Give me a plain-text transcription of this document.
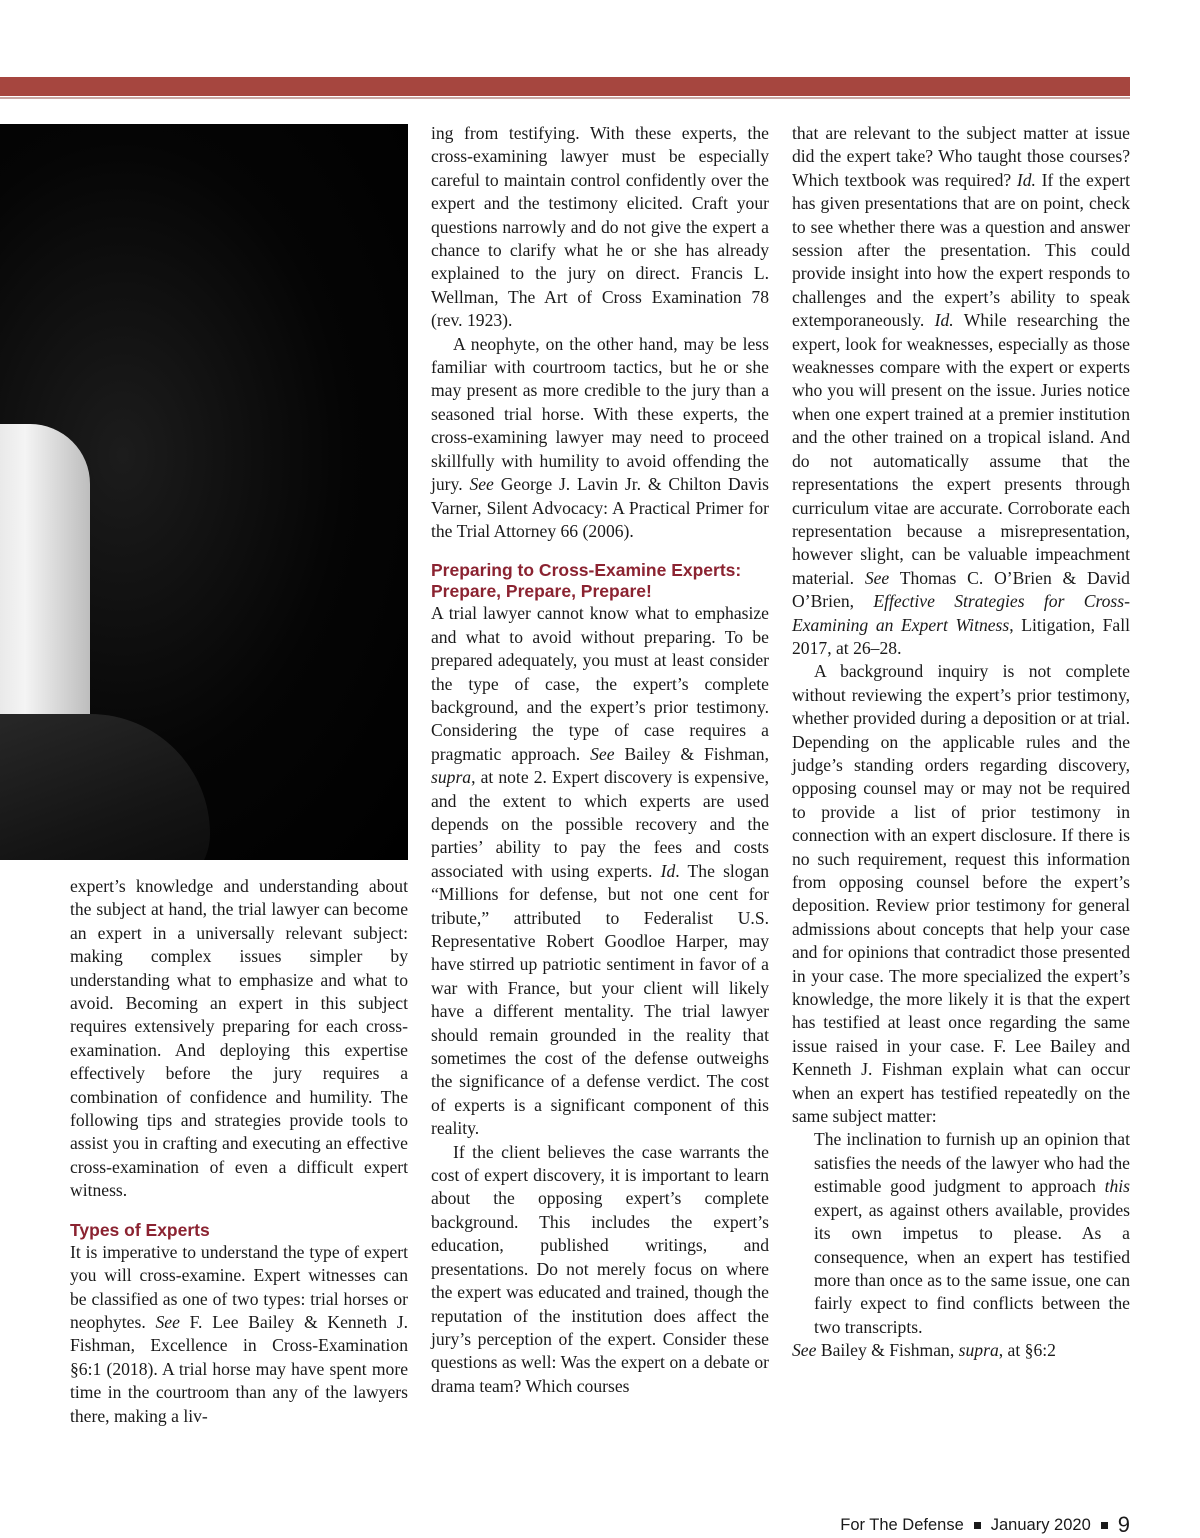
expert’s knowledge and understanding about the subject at hand, the trial lawyer can become an expert in a universally relevant subject: making complex issues simpler by understanding what to emphasize and what to avoid. Becoming an expert in this subject requires extensively preparing for each cross-examination. And deploying this expertise effectively before the jury requires a combination of confidence and humility. The following tips and strategies provide tools to assist you in crafting and executing an effective cross-examination of even a difficult expert witness.

Types of Experts

It is imperative to understand the type of expert you will cross-examine. Expert witnesses can be classified as one of two types: trial horses or neophytes. See F. Lee Bailey & Kenneth J. Fishman, Excellence in Cross-Examination §6:1 (2018). A trial horse may have spent more time in the courtroom than any of the lawyers there, making a liv-

ing from testifying. With these experts, the cross-examining lawyer must be especially careful to maintain control confidently over the expert and the testimony elicited. Craft your questions narrowly and do not give the expert a chance to clarify what he or she has already explained to the jury on direct. Francis L. Wellman, The Art of Cross Examination 78 (rev. 1923).

A neophyte, on the other hand, may be less familiar with courtroom tactics, but he or she may present as more credible to the jury than a seasoned trial horse. With these experts, the cross-examining lawyer may need to proceed skillfully with humility to avoid offending the jury. See George J. Lavin Jr. & Chilton Davis Varner, Silent Advocacy: A Practical Primer for the Trial Attorney 66 (2006).

Preparing to Cross-Examine Experts: Prepare, Prepare, Prepare!

A trial lawyer cannot know what to emphasize and what to avoid without preparing. To be prepared adequately, you must at least consider the type of case, the expert’s complete background, and the expert’s prior testimony. Considering the type of case requires a pragmatic approach. See Bailey & Fishman, supra, at note 2. Expert discovery is expensive, and the extent to which experts are used depends on the possible recovery and the parties’ ability to pay the fees and costs associated with using experts. Id. The slogan “Millions for defense, but not one cent for tribute,” attributed to Federalist U.S. Representative Robert Goodloe Harper, may have stirred up patriotic sentiment in favor of a war with France, but your client will likely have a different mentality. The trial lawyer should remain grounded in the reality that sometimes the cost of the defense outweighs the significance of a defense verdict. The cost of experts is a significant component of this reality.

If the client believes the case warrants the cost of expert discovery, it is important to learn about the opposing expert’s complete background. This includes the expert’s education, published writings, and presentations. Do not merely focus on where the expert was educated and trained, though the reputation of the institution does affect the jury’s perception of the expert. Consider these questions as well: Was the expert on a debate or drama team? Which courses

that are relevant to the subject matter at issue did the expert take? Who taught those courses? Which textbook was required? Id. If the expert has given presentations that are on point, check to see whether there was a question and answer session after the presentation. This could provide insight into how the expert responds to challenges and the expert’s ability to speak extemporaneously. Id. While researching the expert, look for weaknesses, especially as those weaknesses compare with the expert or experts who you will present on the issue. Juries notice when one expert trained at a premier institution and the other trained on a tropical island. And do not automatically assume that the representations the expert presents through curriculum vitae are accurate. Corroborate each representation because a misrepresentation, however slight, can be valuable impeachment material. See Thomas C. O’Brien & David O’Brien, Effective Strategies for Cross-Examining an Expert Witness, Litigation, Fall 2017, at 26–28.

A background inquiry is not complete without reviewing the expert’s prior testimony, whether provided during a deposition or at trial. Depending on the applicable rules and the judge’s standing orders regarding discovery, opposing counsel may or may not be required to provide a list of prior testimony in connection with an expert disclosure. If there is no such requirement, request this information from opposing counsel before the expert’s deposition. Review prior testimony for general admissions about concepts that help your case and for opinions that contradict those presented in your case. The more specialized the expert’s knowledge, the more likely it is that the expert has testified at least once regarding the same issue raised in your case. F. Lee Bailey and Kenneth J. Fishman explain what can occur when an expert has testified repeatedly on the same subject matter:

The inclination to furnish up an opinion that satisfies the needs of the lawyer who had the estimable good judgment to approach this expert, as against others available, provides its own impetus to please. As a consequence, when an expert has testified more than once as to the same issue, one can fairly expect to find conflicts between the two transcripts.

See Bailey & Fishman, supra, at §6:2

For The Defense January 2020 9
